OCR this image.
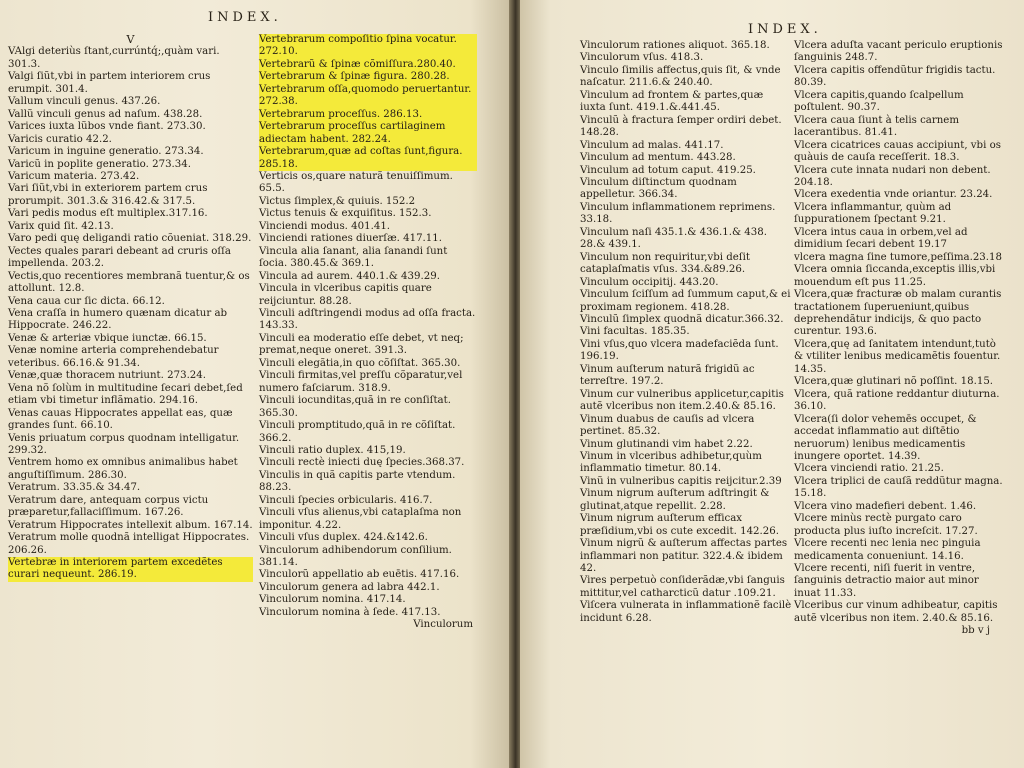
INDEX.
V
VAlgi deteriùs ſtant,currúntq́;,quàm vari. 301.3.
Valgi ſiũt,vbi in partem interiorem crus erumpit. 301.4.
Vallum vinculi genus. 437.26.
Vallũ vinculi genus ad naſum. 438.28.
Varices iuxta lũbos vnde fiant. 273.30.
Varicis curatio 42.2.
Varicum in inguine generatio. 273.34.
Varicũ in poplite generatio. 273.34.
Varicum materia. 273.42.
Vari ſiũt,vbi in exteriorem partem crus prorumpit. 301.3.& 316.42.& 317.5.
Vari pedis modus eſt multiplex.317.16.
Varix quid ſit. 42.13.
Varo pedi quę deligandi ratio cõueniat. 318.29.
Vectes quales parari debeant ad cruris oſſa impellenda. 203.2.
Vectis,quo recentiores membranã tuentur,& os attollunt. 12.8.
Vena caua cur ſic dicta. 66.12.
Vena craſſa in humero quænam dicatur ab Hippocrate. 246.22.
Venæ & arteriæ vbique iunctæ. 66.15.
Venæ nomine arteria comprehendebatur veteribus. 66.16.& 91.34.
Venæ,quæ thoracem nutriunt. 273.24.
Vena nõ ſolùm in multitudine ſecari debet,ſed etiam vbi timetur inflãmatio. 294.16.
Venas cauas Hippocrates appellat eas, quæ grandes ſunt. 66.10.
Venis priuatum corpus quodnam intelligatur. 299.32.
Ventrem homo ex omnibus animalibus habet anguſtiſſimum. 286.30.
Veratrum. 33.35.& 34.47.
Veratrum dare, antequam corpus victu præparetur,fallaciſſimum. 167.26.
Veratrum Hippocrates intellexit album. 167.14.
Veratrum molle quodnã intelligat Hippocrates. 206.26.
Vertebræ in interiorem partem excedẽtes curari nequeunt. 286.19.
Vertebrarum compoſitio ſpina vocatur. 272.10.
Vertebrarũ & ſpinæ cõmiſſura.280.40.
Vertebrarum & ſpinæ figura. 280.28.
Vertebrarum oſſa,quomodo peruertantur. 272.38.
Vertebrarum proceſſus. 286.13.
Vertebrarum proceſſus cartilaginem adiectam habent. 282.24.
Vertebrarum,quæ ad coſtas ſunt,figura. 285.18.
Verticis os,quare naturã tenuiſſimum. 65.5.
Victus ſimplex,& quiuis. 152.2
Victus tenuis & exquiſitus. 152.3.
Vinciendi modus. 401.41.
Vinciendi rationes diuerſæ. 417.11.
Vincula alia ſanant, alia ſanandi ſunt ſocia. 380.45.& 369.1.
Vincula ad aurem. 440.1.& 439.29.
Vincula in vlceribus capitis quare reijciuntur. 88.28.
Vinculi adſtringendi modus ad oſſa fracta. 143.33.
Vinculi ea moderatio eſſe debet, vt neq; premat,neque oneret. 391.3.
Vinculi elegãtia,in quo cõſiſtat. 365.30.
Vinculi firmitas,vel preſſu cõparatur,vel numero faſciarum. 318.9.
Vinculi iocunditas,quã in re conſiſtat. 365.30.
Vinculi promptitudo,quã in re cõſiſtat. 366.2.
Vinculi ratio duplex. 415,19.
Vinculi rectè iniecti duę ſpecies.368.37.
Vinculis in quã capitis parte vtendum. 88.23.
Vinculi ſpecies orbicularis. 416.7.
Vinculi vſus alienus,vbi cataplaſma non imponitur. 4.22.
Vinculi vſus duplex. 424.&142.6.
Vinculorum adhibendorum conſilium. 381.14.
Vinculorũ appellatio ab euētis. 417.16.
Vinculorum genera ad labra 442.1.
Vinculorum nomina. 417.14.
Vinculorum nomina à ſede. 417.13.
Vinculorum
INDEX.
Vinculorum rationes aliquot. 365.18.
Vinculorum vſus. 418.3.
Vinculo ſimilis affectus,quis ſit, & vnde naſcatur. 211.6.& 240.40.
Vinculum ad frontem & partes,quæ iuxta ſunt. 419.1.&.441.45.
Vinculũ à fractura ſemper ordiri debet. 148.28.
Vinculum ad malas. 441.17.
Vinculum ad mentum. 443.28.
Vinculum ad totum caput. 419.25.
Vinculum diſtinctum quodnam appelletur. 366.34.
Vinculum inflammationem reprimens. 33.18.
Vinculum naſi 435.1.& 436.1.& 438. 28.& 439.1.
Vinculum non requiritur,vbi deſit cataplaſmatis vſus. 334.&89.26.
Vinculum occipitij. 443.20.
Vinculum ſciſſum ad ſummum caput,& ei proximam regionem. 418.28.
Vinculũ ſimplex quodnã dicatur.366.32.
Vini facultas. 185.35.
Vini vſus,quo vlcera madefaciẽda ſunt. 196.19.
Vinum auſterum naturã frigidũ ac terreſtre. 197.2.
Vinum cur vulneribus applicetur,capitis autẽ vlceribus non item.2.40.& 85.16.
Vinum duabus de cauſis ad vlcera pertinet. 85.32.
Vinum glutinandi vim habet 2.22.
Vinum in vlceribus adhibetur,quùm inflammatio timetur. 80.14.
Vinũ in vulneribus capitis reijcitur.2.39
Vinum nigrum auſterum adſtringit & glutinat,atque repellit. 2.28.
Vinum nigrum auſterum efficax præſidium,vbi os cute excedit. 142.26.
Vinum nigrũ & auſterum affectas partes inflammari non patitur. 322.4.& ibidem 42.
Vires perpetuò conſiderãdæ,vbi ſanguis mittitur,vel catharcticũ datur .109.21.
Viſcera vulnerata in inflammationẽ facilè incidunt 6.28.
Vlcera aduſta vacant periculo eruptionis ſanguinis 248.7.
Vlcera capitis offendũtur frigidis tactu. 80.39.
Vlcera capitis,quando ſcalpellum poſtulent. 90.37.
Vlcera caua ſiunt à telis carnem lacerantibus. 81.41.
Vlcera cicatrices cauas accipiunt, vbi os quàuis de cauſa receſſerit. 18.3.
Vlcera cute innata nudari non debent. 204.18.
Vlcera exedentia vnde oriantur. 23.24.
Vlcera inflammantur, quùm ad ſuppurationem ſpectant 9.21.
Vlcera intus caua in orbem,vel ad dimidium ſecari debent 19.17
vlcera magna ſine tumore,peſſima.23.18
Vlcera omnia ſiccanda,exceptis illis,vbi mouendum eſt pus 11.25.
Vlcera,quæ fracturæ ob malam curantis tractationem ſuperueniunt,quibus deprehendãtur indicijs, & quo pacto curentur. 193.6.
Vlcera,quę ad ſanitatem intendunt,tutò & vtiliter lenibus medicamẽtis fouentur. 14.35.
Vlcera,quæ glutinari nõ poſſint. 18.15.
Vlcera, quã ratione reddantur diuturna. 36.10.
Vlcera(ſi dolor vehemēs occupet, & accedat inflammatio aut diſtētio neruorum) lenibus medicamentis inungere oportet. 14.39.
Vlcera vinciendi ratio. 21.25.
Vlcera triplici de cauſã reddũtur magna. 15.18.
Vlcera vino madefieri debent. 1.46.
Vlcere minùs rectè purgato caro producta plus iuſto increſcit. 17.27.
Vlcere recenti nec lenia nec pinguia medicamenta conueniunt. 14.16.
Vlcere recenti, niſi fuerit in ventre, ſanguinis detractio maior aut minor inuat 11.33.
Vlceribus cur vinum adhibeatur, capitis autẽ vlceribus non item. 2.40.& 85.16.
bb v j
